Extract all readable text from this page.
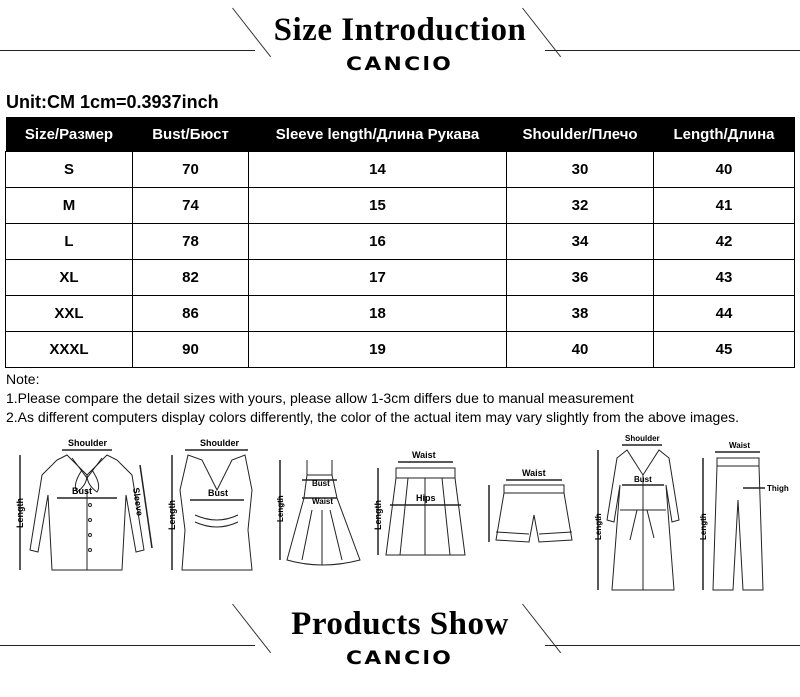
Size Introduction
CANClO
Unit:CM 1cm=0.3937inch
Size/Размер	Bust/Бюст	Sleeve length/Длина Рукава	Shoulder/Плечо	Length/Длина
S	70	14	30	40
M	74	15	32	41
L	78	16	34	42
XL	82	17	36	43
XXL	86	18	38	44
XXXL	90	19	40	45
Note:
1.Please compare the detail sizes with yours, please allow 1-3cm differs due to manual measurement
2.As different computers display colors differently, the color of the actual item may vary slightly from the above images.
Shoulder
Bust
Length	Sleeve
Shoulder
Bust
Length
Bust
Waist
Length
Waist
Hips
Length
Waist
Shoulder
Bust
Length
Waist
Thigh
Length
Products Show
CANClO
